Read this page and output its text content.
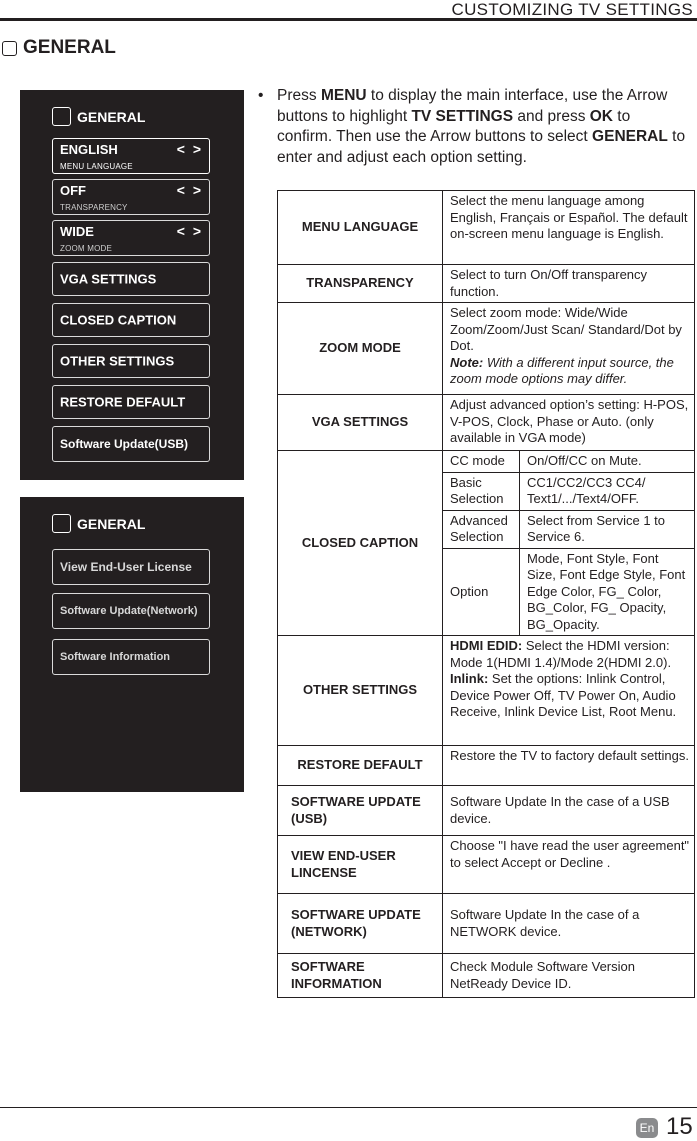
CUSTOMIZING TV SETTINGS
GENERAL
GENERAL
ENGLISH
MENU LANGUAGE
< >
OFF
TRANSPARENCY
< >
WIDE
ZOOM MODE
< >
VGA SETTINGS
CLOSED CAPTION
OTHER SETTINGS
RESTORE DEFAULT
Software Update(USB)
GENERAL
View End-User License
Software Update(Network)
Software Information
• Press MENU to display the main interface, use the Arrow buttons to highlight TV SETTINGS and press OK to confirm. Then use the Arrow buttons to select GENERAL to enter and adjust each option setting.
MENU LANGUAGE	Select the menu language among English, Français or Español. The default on-screen menu language is English.	
TRANSPARENCY	Select to turn On/Off transparency function.	
ZOOM MODE	Select zoom mode: Wide/Wide Zoom/Zoom/Just Scan/ Standard/Dot by Dot.
Note: With a different input source, the zoom mode options may differ.	
VGA SETTINGS	Adjust advanced option’s setting: H-POS, V-POS, Clock, Phase or Auto. (only available in VGA mode)	
CLOSED CAPTION	CC mode	On/Off/CC on Mute.
	Basic Selection	CC1/CC2/CC3 CC4/ Text1/.../Text4/OFF.
	Advanced Selection	Select from Service 1 to Service 6.
	Option	Mode, Font Style, Font Size, Font Edge Style, Font Edge Color, FG_ Color, BG_Color, FG_ Opacity, BG_Opacity.
OTHER SETTINGS	HDMI EDID: Select the HDMI version: Mode 1(HDMI 1.4)/Mode 2(HDMI 2.0).
Inlink: Set the options: Inlink Control, Device Power Off, TV Power On, Audio Receive, Inlink Device List, Root Menu.	
RESTORE DEFAULT	Restore the TV to factory default settings.	
SOFTWARE UPDATE (USB)	Software Update In the case of a USB device.	
VIEW END-USER LINCENSE	Choose "I have read the user agreement" to select Accept or Decline .	
SOFTWARE UPDATE (NETWORK)	Software Update In the case of a NETWORK device.	
SOFTWARE INFORMATION	Check Module Software Version NetReady Device ID.	
En 15
